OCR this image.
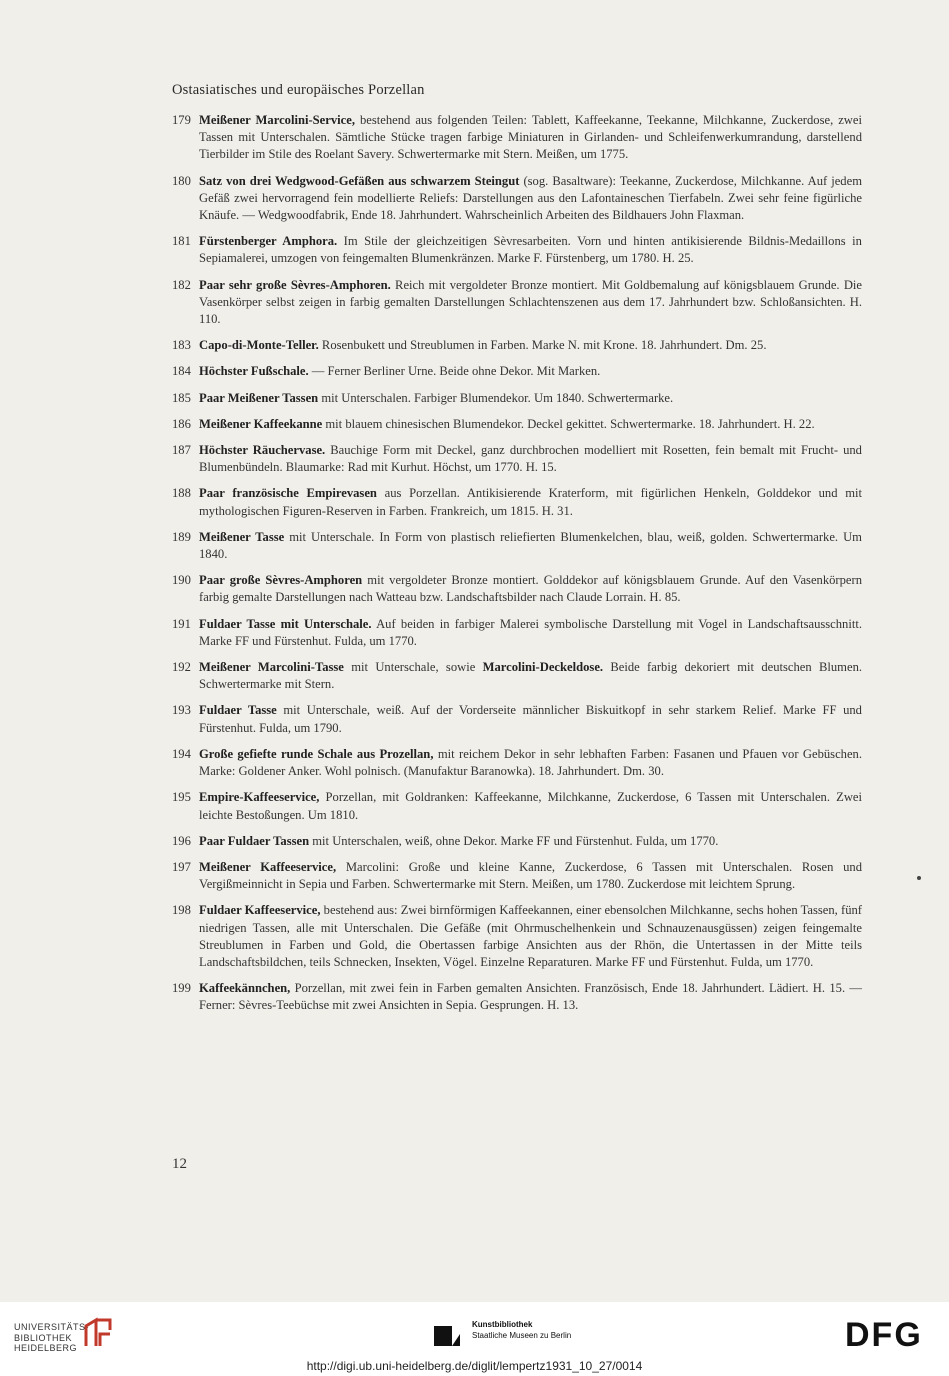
Ostasiatisches und europäisches Porzellan
179 Meißener Marcolini-Service, bestehend aus folgenden Teilen: Tablett, Kaffeekanne, Teekanne, Milchkanne, Zuckerdose, zwei Tassen mit Unterschalen. Sämtliche Stücke tragen farbige Miniaturen in Girlanden- und Schleifenwerkumrandung, darstellend Tierbilder im Stile des Roelant Savery. Schwertermarke mit Stern. Meißen, um 1775.
180 Satz von drei Wedgwood-Gefäßen aus schwarzem Steingut (sog. Basaltware): Teekanne, Zuckerdose, Milchkanne. Auf jedem Gefäß zwei hervorragend fein modellierte Reliefs: Darstellungen aus den Lafontaineschen Tierfabeln. Zwei sehr feine figürliche Knäufe. — Wedgwoodfabrik, Ende 18. Jahrhundert. Wahrscheinlich Arbeiten des Bildhauers John Flaxman.
181 Fürstenberger Amphora. Im Stile der gleichzeitigen Sèvresarbeiten. Vorn und hinten antikisierende Bildnis-Medaillons in Sepiamalerei, umzogen von feingemalten Blumenkränzen. Marke F. Fürstenberg, um 1780. H. 25.
182 Paar sehr große Sèvres-Amphoren. Reich mit vergoldeter Bronze montiert. Mit Goldbemalung auf königsblauem Grunde. Die Vasenkörper selbst zeigen in farbig gemalten Darstellungen Schlachtenszenen aus dem 17. Jahrhundert bzw. Schloßansichten. H. 110.
183 Capo-di-Monte-Teller. Rosenbukett und Streublumen in Farben. Marke N. mit Krone. 18. Jahrhundert. Dm. 25.
184 Höchster Fußschale. — Ferner Berliner Urne. Beide ohne Dekor. Mit Marken.
185 Paar Meißener Tassen mit Unterschalen. Farbiger Blumendekor. Um 1840. Schwertermarke.
186 Meißener Kaffeekanne mit blauem chinesischen Blumendekor. Deckel gekittet. Schwertermarke. 18. Jahrhundert. H. 22.
187 Höchster Räuchervase. Bauchige Form mit Deckel, ganz durchbrochen modelliert mit Rosetten, fein bemalt mit Frucht- und Blumenbündeln. Blaumarke: Rad mit Kurhut. Höchst, um 1770. H. 15.
188 Paar französische Empirevasen aus Porzellan. Antikisierende Kraterform, mit figürlichen Henkeln, Golddekor und mit mythologischen Figuren-Reserven in Farben. Frankreich, um 1815. H. 31.
189 Meißener Tasse mit Unterschale. In Form von plastisch reliefierten Blumenkelchen, blau, weiß, golden. Schwertermarke. Um 1840.
190 Paar große Sèvres-Amphoren mit vergoldeter Bronze montiert. Golddekor auf königsblauem Grunde. Auf den Vasenkörpern farbig gemalte Darstellungen nach Watteau bzw. Landschaftsbilder nach Claude Lorrain. H. 85.
191 Fuldaer Tasse mit Unterschale. Auf beiden in farbiger Malerei symbolische Darstellung mit Vogel in Landschaftsausschnitt. Marke FF und Fürstenhut. Fulda, um 1770.
192 Meißener Marcolini-Tasse mit Unterschale, sowie Marcolini-Deckeldose. Beide farbig dekoriert mit deutschen Blumen. Schwertermarke mit Stern.
193 Fuldaer Tasse mit Unterschale, weiß. Auf der Vorderseite männlicher Biskuitkopf in sehr starkem Relief. Marke FF und Fürstenhut. Fulda, um 1790.
194 Große gefiefte runde Schale aus Prozellan, mit reichem Dekor in sehr lebhaften Farben: Fasanen und Pfauen vor Gebüschen. Marke: Goldener Anker. Wohl polnisch. (Manufaktur Baranowka). 18. Jahrhundert. Dm. 30.
195 Empire-Kaffeeservice, Porzellan, mit Goldranken: Kaffeekanne, Milchkanne, Zuckerdose, 6 Tassen mit Unterschalen. Zwei leichte Bestoßungen. Um 1810.
196 Paar Fuldaer Tassen mit Unterschalen, weiß, ohne Dekor. Marke FF und Fürstenhut. Fulda, um 1770.
197 Meißener Kaffeeservice, Marcolini: Große und kleine Kanne, Zuckerdose, 6 Tassen mit Unterschalen. Rosen und Vergißmeinnicht in Sepia und Farben. Schwertermarke mit Stern. Meißen, um 1780. Zuckerdose mit leichtem Sprung.
198 Fuldaer Kaffeeservice, bestehend aus: Zwei birnförmigen Kaffeekannen, einer ebensolchen Milchkanne, sechs hohen Tassen, fünf niedrigen Tassen, alle mit Unterschalen. Die Gefäße (mit Ohrmuschelhenkein und Schnauzenausgüssen) zeigen feingemalte Streublumen in Farben und Gold, die Obertassen farbige Ansichten aus der Rhön, die Untertassen in der Mitte teils Landschaftsbildchen, teils Schnecken, Insekten, Vögel. Einzelne Reparaturen. Marke FF und Fürstenhut. Fulda, um 1770.
199 Kaffeekännchen, Porzellan, mit zwei fein in Farben gemalten Ansichten. Französisch, Ende 18. Jahrhundert. Lädiert. H. 15. — Ferner: Sèvres-Teebüchse mit zwei Ansichten in Sepia. Gesprungen. H. 13.
12
UNIVERSITÄTS-
BIBLIOTHEK
HEIDELBERG
Kunstbibliothek
Staatliche Museen zu Berlin	DFG
http://digi.ub.uni-heidelberg.de/diglit/lempertz1931_10_27/0014
